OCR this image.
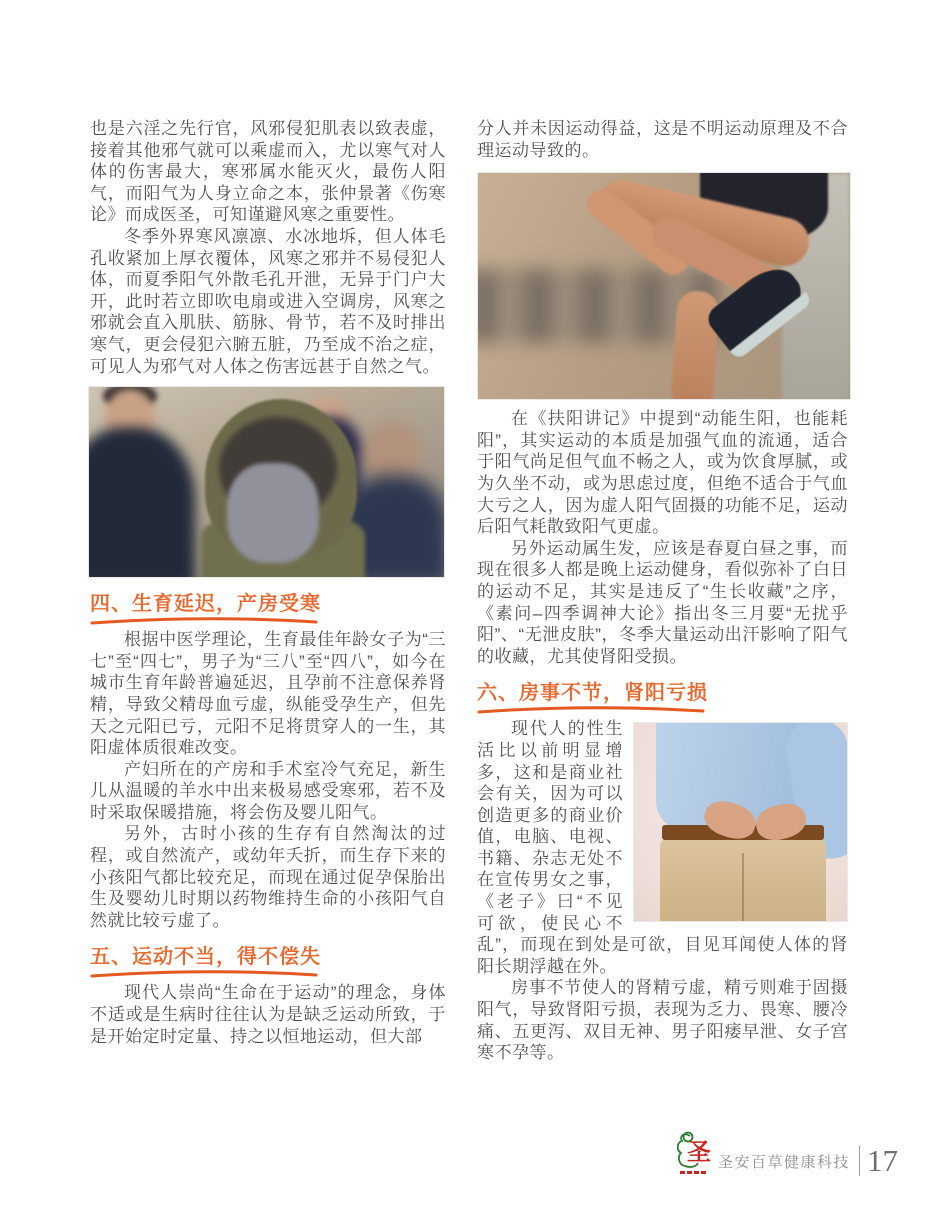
也是六淫之先行官，风邪侵犯肌表以致表虚，接着其他邪气就可以乘虚而入，尤以寒气对人体的伤害最大，寒邪属水能灭火，最伤人阳气，而阳气为人身立命之本，张仲景著《伤寒论》而成医圣，可知谨避风寒之重要性。

冬季外界寒风凛凛、水冰地坼，但人体毛孔收紧加上厚衣覆体，风寒之邪并不易侵犯人体，而夏季阳气外散毛孔开泄，无异于门户大开，此时若立即吹电扇或进入空调房，风寒之邪就会直入肌肤、筋脉、骨节，若不及时排出寒气，更会侵犯六腑五脏，乃至成不治之症，可见人为邪气对人体之伤害远甚于自然之气。

四、生育延迟，产房受寒

根据中医学理论，生育最佳年龄女子为“三七”至“四七”，男子为“三八”至“四八”，如今在城市生育年龄普遍延迟，且孕前不注意保养肾精，导致父精母血亏虚，纵能受孕生产，但先天之元阳已亏，元阳不足将贯穿人的一生，其阳虚体质很难改变。

产妇所在的产房和手术室冷气充足，新生儿从温暖的羊水中出来极易感受寒邪，若不及时采取保暖措施，将会伤及婴儿阳气。

另外，古时小孩的生存有自然淘汰的过程，或自然流产，或幼年夭折，而生存下来的小孩阳气都比较充足，而现在通过促孕保胎出生及婴幼儿时期以药物维持生命的小孩阳气自然就比较亏虚了。

五、运动不当，得不偿失

现代人崇尚“生命在于运动”的理念，身体不适或是生病时往往认为是缺乏运动所致，于是开始定时定量、持之以恒地运动，但大部

分人并未因运动得益，这是不明运动原理及不合理运动导致的。

在《扶阳讲记》中提到“动能生阳，也能耗阳”，其实运动的本质是加强气血的流通，适合于阳气尚足但气血不畅之人，或为饮食厚腻，或为久坐不动，或为思虑过度，但绝不适合于气血大亏之人，因为虚人阳气固摄的功能不足，运动后阳气耗散致阳气更虚。

另外运动属生发，应该是春夏白昼之事，而现在很多人都是晚上运动健身，看似弥补了白日的运动不足，其实是违反了“生长收藏”之序，《素问–四季调神大论》指出冬三月要“无扰乎阳”、“无泄皮肤”，冬季大量运动出汗影响了阳气的收藏，尤其使肾阳受损。

六、房事不节，肾阳亏损

现代人的性生活比以前明显增多，这和是商业社会有关，因为可以创造更多的商业价值，电脑、电视、书籍、杂志无处不在宣传男女之事，《老子》曰“不见可欲，使民心不乱”，而现在到处是可欲，目见耳闻使人体的肾阳长期浮越在外。

房事不节使人的肾精亏虚，精亏则难于固摄阳气，导致肾阳亏损，表现为乏力、畏寒、腰冷痛、五更泻、双目无神、男子阳痿早泄、女子宫寒不孕等。

圣 圣安百草健康科技 17
